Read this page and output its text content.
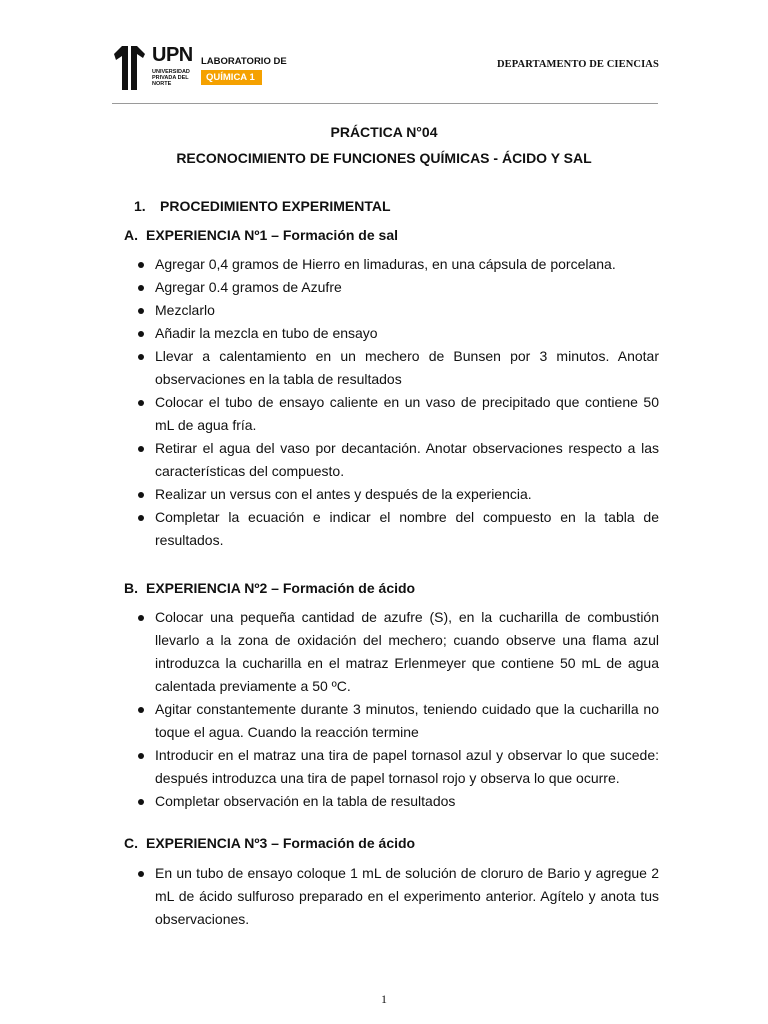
UPN
UNIVERSIDAD PRIVADA DEL NORTE
LABORATORIO DE
QUÍMICA 1
DEPARTAMENTO DE CIENCIAS
PRÁCTICA N°04
RECONOCIMIENTO DE FUNCIONES QUÍMICAS - ÁCIDO Y SAL
1. PROCEDIMIENTO EXPERIMENTAL
A. EXPERIENCIA Nº1 – Formación de sal
Agregar 0,4 gramos de Hierro en limaduras, en una cápsula de porcelana.
Agregar 0.4 gramos de Azufre
Mezclarlo
Añadir la mezcla en tubo de ensayo
Llevar a calentamiento en un mechero de Bunsen por 3 minutos. Anotar observaciones en la tabla de resultados
Colocar el tubo de ensayo caliente en un vaso de precipitado que contiene 50 mL de agua fría.
Retirar el agua del vaso por decantación. Anotar observaciones respecto a las características del compuesto.
Realizar un versus con el antes y después de la experiencia.
Completar la ecuación e indicar el nombre del compuesto en la tabla de resultados.
B. EXPERIENCIA Nº2 – Formación de ácido
Colocar una pequeña cantidad de azufre (S), en la cucharilla de combustión llevarlo a la zona de oxidación del mechero; cuando observe una flama azul introduzca la cucharilla en el matraz Erlenmeyer que contiene 50 mL de agua calentada previamente a 50 ºC.
Agitar constantemente durante 3 minutos, teniendo cuidado que la cucharilla no toque el agua. Cuando la reacción termine
Introducir en el matraz una tira de papel tornasol azul y observar lo que sucede: después introduzca una tira de papel tornasol rojo y observa lo que ocurre.
Completar observación en la tabla de resultados
C. EXPERIENCIA Nº3 – Formación de ácido
En un tubo de ensayo coloque 1 mL de solución de cloruro de Bario y agregue 2 mL de ácido sulfuroso preparado en el experimento anterior. Agítelo y anota tus observaciones.
1
